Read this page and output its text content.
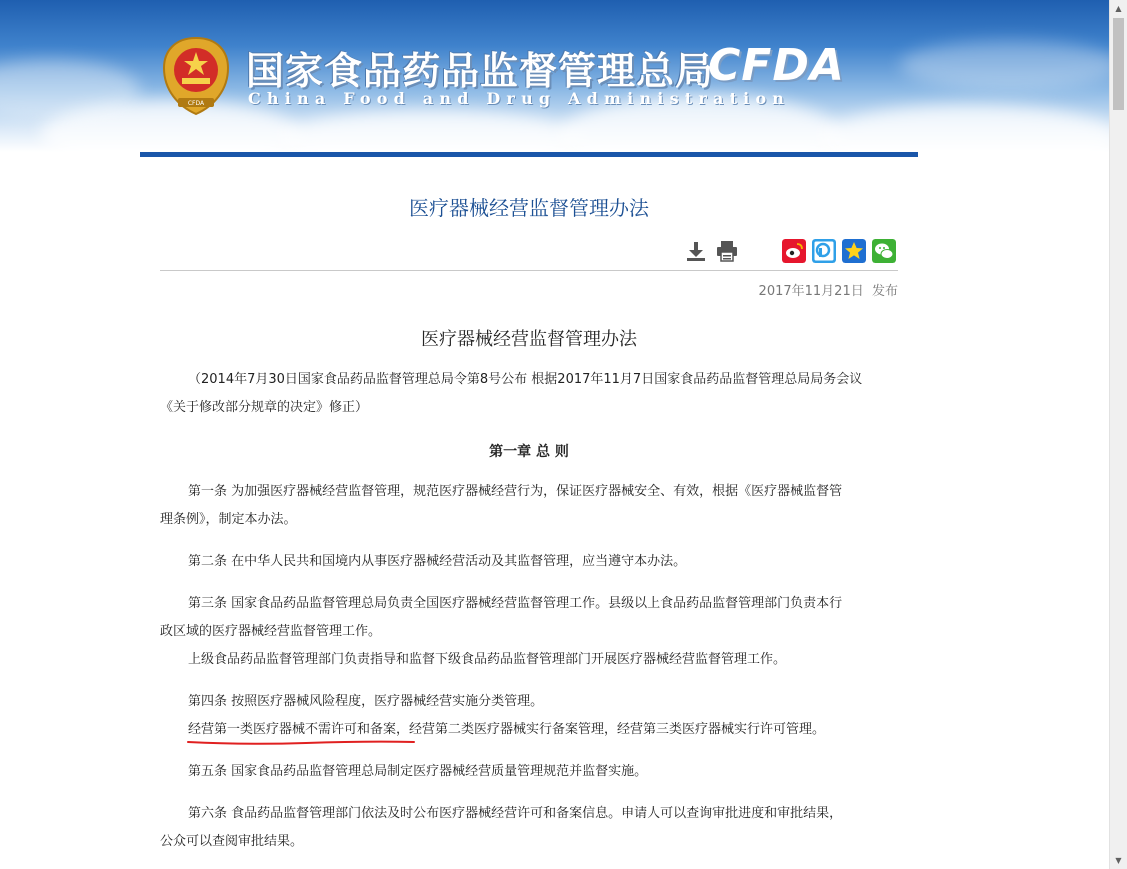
CFDA
国家食品药品监督管理总局
China Food and Drug Administration
CFDA
医疗器械经营监督管理办法
2017年11月21日 发布
医疗器械经营监督管理办法
（2014年7月30日国家食品药品监督管理总局令第8号公布 根据2017年11月7日国家食品药品监督管理总局局务会议
《关于修改部分规章的决定》修正）
第一章 总 则
第一条 为加强医疗器械经营监督管理，规范医疗器械经营行为，保证医疗器械安全、有效，根据《医疗器械监督管
理条例》，制定本办法。
第二条 在中华人民共和国境内从事医疗器械经营活动及其监督管理，应当遵守本办法。
第三条 国家食品药品监督管理总局负责全国医疗器械经营监督管理工作。县级以上食品药品监督管理部门负责本行
政区域的医疗器械经营监督管理工作。
上级食品药品监督管理部门负责指导和监督下级食品药品监督管理部门开展医疗器械经营监督管理工作。
第四条 按照医疗器械风险程度，医疗器械经营实施分类管理。
经营第一类医疗器械不需许可和备案，经营第二类医疗器械实行备案管理，经营第三类医疗器械实行许可管理。
第五条 国家食品药品监督管理总局制定医疗器械经营质量管理规范并监督实施。
第六条 食品药品监督管理部门依法及时公布医疗器械经营许可和备案信息。申请人可以查询审批进度和审批结果，
公众可以查阅审批结果。
▲
▼
